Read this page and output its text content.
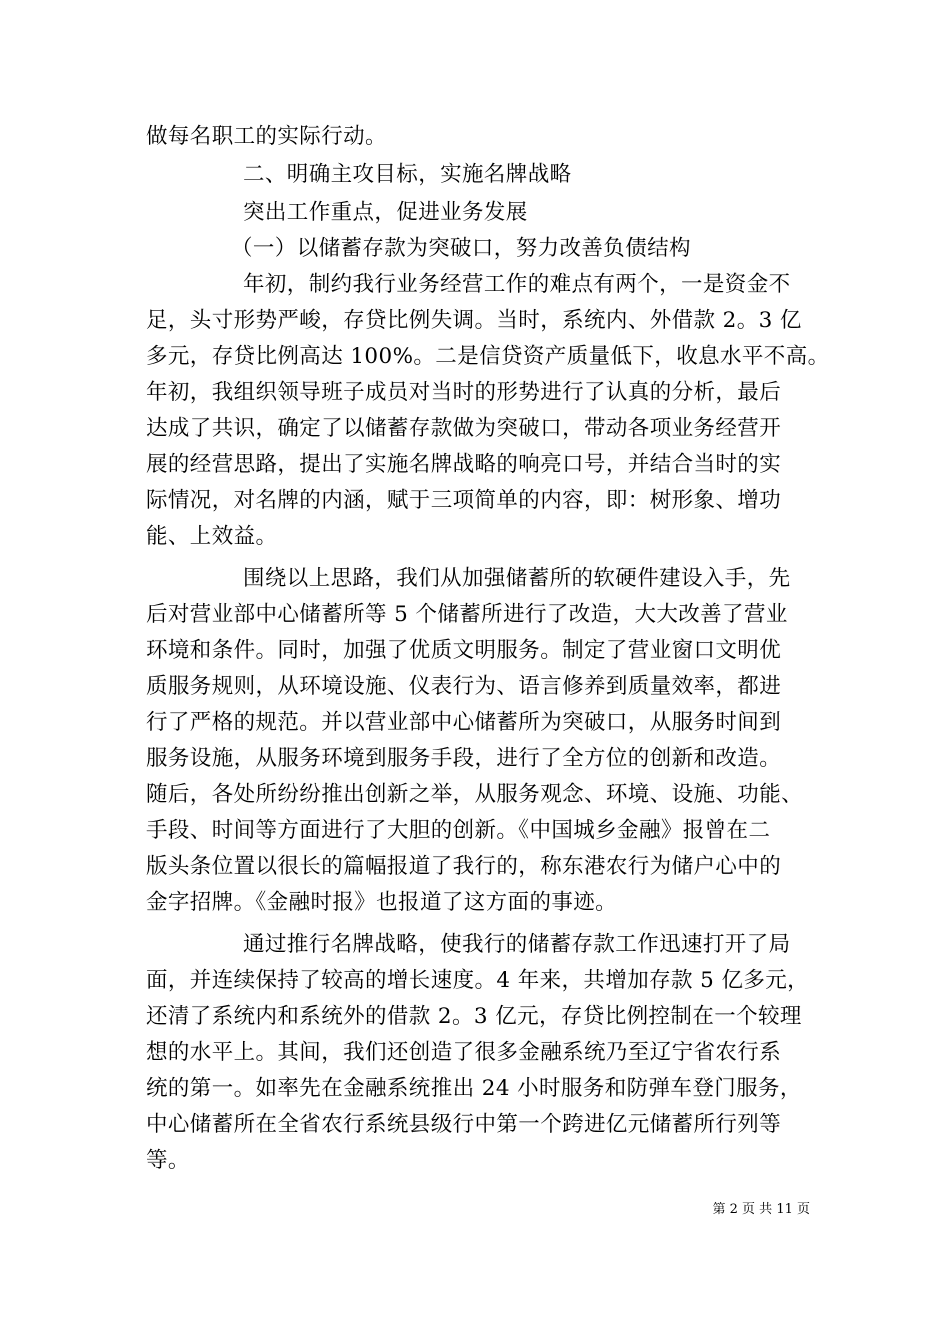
做每名职工的实际行动。
二、明确主攻目标，实施名牌战略
突出工作重点，促进业务发展
（一）以储蓄存款为突破口，努力改善负债结构
年初，制约我行业务经营工作的难点有两个，一是资金不
足，头寸形势严峻，存贷比例失调。当时，系统内、外借款 2。3 亿
多元，存贷比例高达 100%。二是信贷资产质量低下，收息水平不高。
年初，我组织领导班子成员对当时的形势进行了认真的分析，最后
达成了共识，确定了以储蓄存款做为突破口，带动各项业务经营开
展的经营思路，提出了实施名牌战略的响亮口号，并结合当时的实
际情况，对名牌的内涵，赋于三项简单的内容，即：树形象、增功
能、上效益。
围绕以上思路，我们从加强储蓄所的软硬件建设入手，先
后对营业部中心储蓄所等 5 个储蓄所进行了改造，大大改善了营业
环境和条件。同时，加强了优质文明服务。制定了营业窗口文明优
质服务规则，从环境设施、仪表行为、语言修养到质量效率，都进
行了严格的规范。并以营业部中心储蓄所为突破口，从服务时间到
服务设施，从服务环境到服务手段，进行了全方位的创新和改造。
随后，各处所纷纷推出创新之举，从服务观念、环境、设施、功能、
手段、时间等方面进行了大胆的创新。《中国城乡金融》报曾在二
版头条位置以很长的篇幅报道了我行的，称东港农行为储户心中的
金字招牌。《金融时报》也报道了这方面的事迹。
通过推行名牌战略，使我行的储蓄存款工作迅速打开了局
面，并连续保持了较高的增长速度。4 年来，共增加存款 5 亿多元，
还清了系统内和系统外的借款 2。3 亿元，存贷比例控制在一个较理
想的水平上。其间，我们还创造了很多金融系统乃至辽宁省农行系
统的第一。如率先在金融系统推出 24 小时服务和防弹车登门服务，
中心储蓄所在全省农行系统县级行中第一个跨进亿元储蓄所行列等
等。
第 2 页 共 11 页
